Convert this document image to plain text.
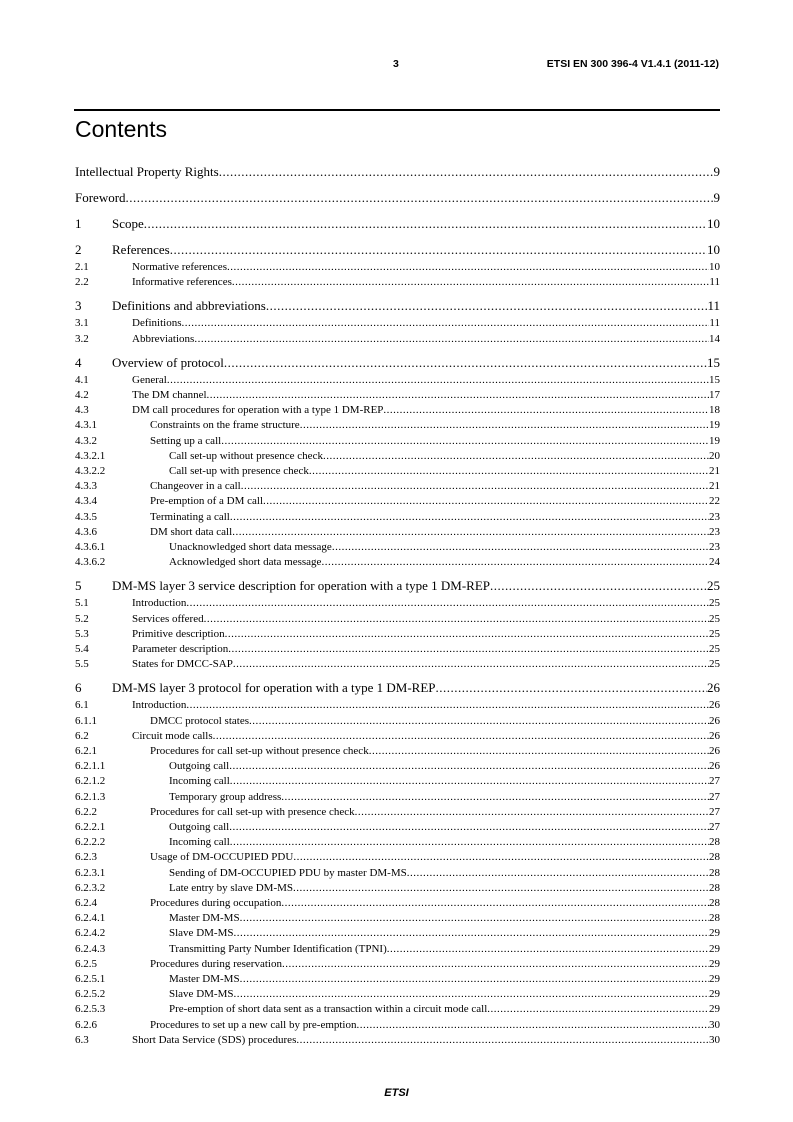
3	ETSI EN 300 396-4 V1.4.1 (2011-12)
Contents
Intellectual Property Rights .....	9
Foreword .....	9
1	Scope .....	10
2	References .....	10
2.1	Normative references .....	10
2.2	Informative references .....	11
3	Definitions and abbreviations .....	11
3.1	Definitions .....	11
3.2	Abbreviations .....	14
4	Overview of protocol .....	15
4.1	General .....	15
4.2	The DM channel .....	17
4.3	DM call procedures for operation with a type 1 DM-REP .....	18
4.3.1	Constraints on the frame structure .....	19
4.3.2	Setting up a call .....	19
4.3.2.1	Call set-up without presence check .....	20
4.3.2.2	Call set-up with presence check .....	21
4.3.3	Changeover in a call .....	21
4.3.4	Pre-emption of a DM call .....	22
4.3.5	Terminating a call .....	23
4.3.6	DM short data call .....	23
4.3.6.1	Unacknowledged short data message .....	23
4.3.6.2	Acknowledged short data message .....	24
5	DM-MS layer 3 service description for operation with a type 1 DM-REP .....	25
5.1	Introduction .....	25
5.2	Services offered .....	25
5.3	Primitive description .....	25
5.4	Parameter description .....	25
5.5	States for DMCC-SAP .....	25
6	DM-MS layer 3 protocol for operation with a type 1 DM-REP .....	26
6.1	Introduction .....	26
6.1.1	DMCC protocol states .....	26
6.2	Circuit mode calls .....	26
6.2.1	Procedures for call set-up without presence check .....	26
6.2.1.1	Outgoing call .....	26
6.2.1.2	Incoming call .....	27
6.2.1.3	Temporary group address .....	27
6.2.2	Procedures for call set-up with presence check .....	27
6.2.2.1	Outgoing call .....	27
6.2.2.2	Incoming call .....	28
6.2.3	Usage of DM-OCCUPIED PDU .....	28
6.2.3.1	Sending of DM-OCCUPIED PDU by master DM-MS .....	28
6.2.3.2	Late entry by slave DM-MS .....	28
6.2.4	Procedures during occupation .....	28
6.2.4.1	Master DM-MS .....	28
6.2.4.2	Slave DM-MS .....	29
6.2.4.3	Transmitting Party Number Identification (TPNI) .....	29
6.2.5	Procedures during reservation .....	29
6.2.5.1	Master DM-MS .....	29
6.2.5.2	Slave DM-MS .....	29
6.2.5.3	Pre-emption of short data sent as a transaction within a circuit mode call .....	29
6.2.6	Procedures to set up a new call by pre-emption .....	30
6.3	Short Data Service (SDS) procedures .....	30
ETSI
